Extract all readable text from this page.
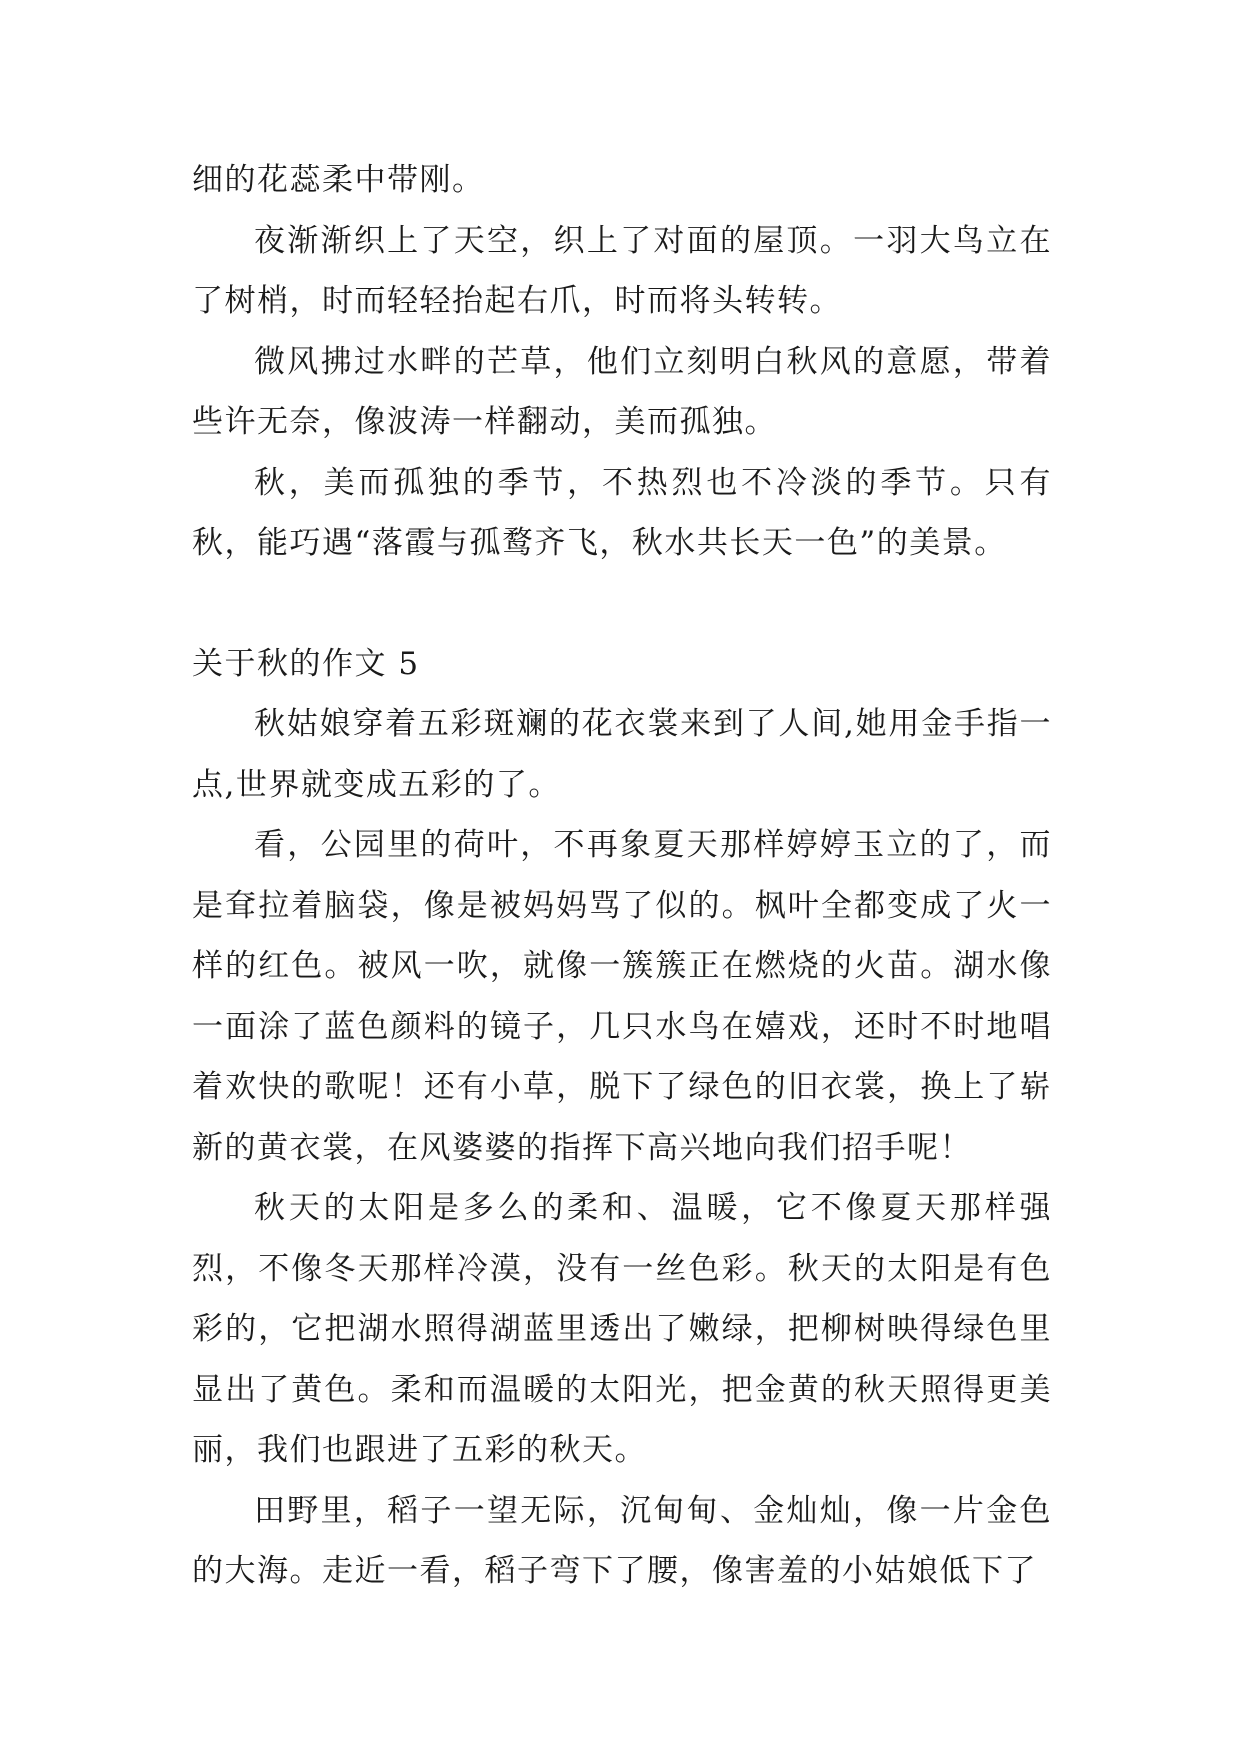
细的花蕊柔中带刚。

夜渐渐织上了天空，织上了对面的屋顶。一羽大鸟立在了树梢，时而轻轻抬起右爪，时而将头转转。

微风拂过水畔的芒草，他们立刻明白秋风的意愿，带着些许无奈，像波涛一样翻动，美而孤独。

秋，美而孤独的季节，不热烈也不冷淡的季节。只有秋，能巧遇“落霞与孤鹜齐飞，秋水共长天一色”的美景。

关于秋的作文 5

秋姑娘穿着五彩斑斓的花衣裳来到了人间,她用金手指一点,世界就变成五彩的了。

看，公园里的荷叶，不再象夏天那样婷婷玉立的了，而是耷拉着脑袋，像是被妈妈骂了似的。枫叶全都变成了火一样的红色。被风一吹，就像一簇簇正在燃烧的火苗。湖水像一面涂了蓝色颜料的镜子，几只水鸟在嬉戏，还时不时地唱着欢快的歌呢！还有小草，脱下了绿色的旧衣裳，换上了崭新的黄衣裳，在风婆婆的指挥下高兴地向我们招手呢！

秋天的太阳是多么的柔和、温暖，它不像夏天那样强烈，不像冬天那样冷漠，没有一丝色彩。秋天的太阳是有色彩的，它把湖水照得湖蓝里透出了嫩绿，把柳树映得绿色里显出了黄色。柔和而温暖的太阳光，把金黄的秋天照得更美丽，我们也跟进了五彩的秋天。

田野里，稻子一望无际，沉甸甸、金灿灿，像一片金色的大海。走近一看，稻子弯下了腰，像害羞的小姑娘低下了
